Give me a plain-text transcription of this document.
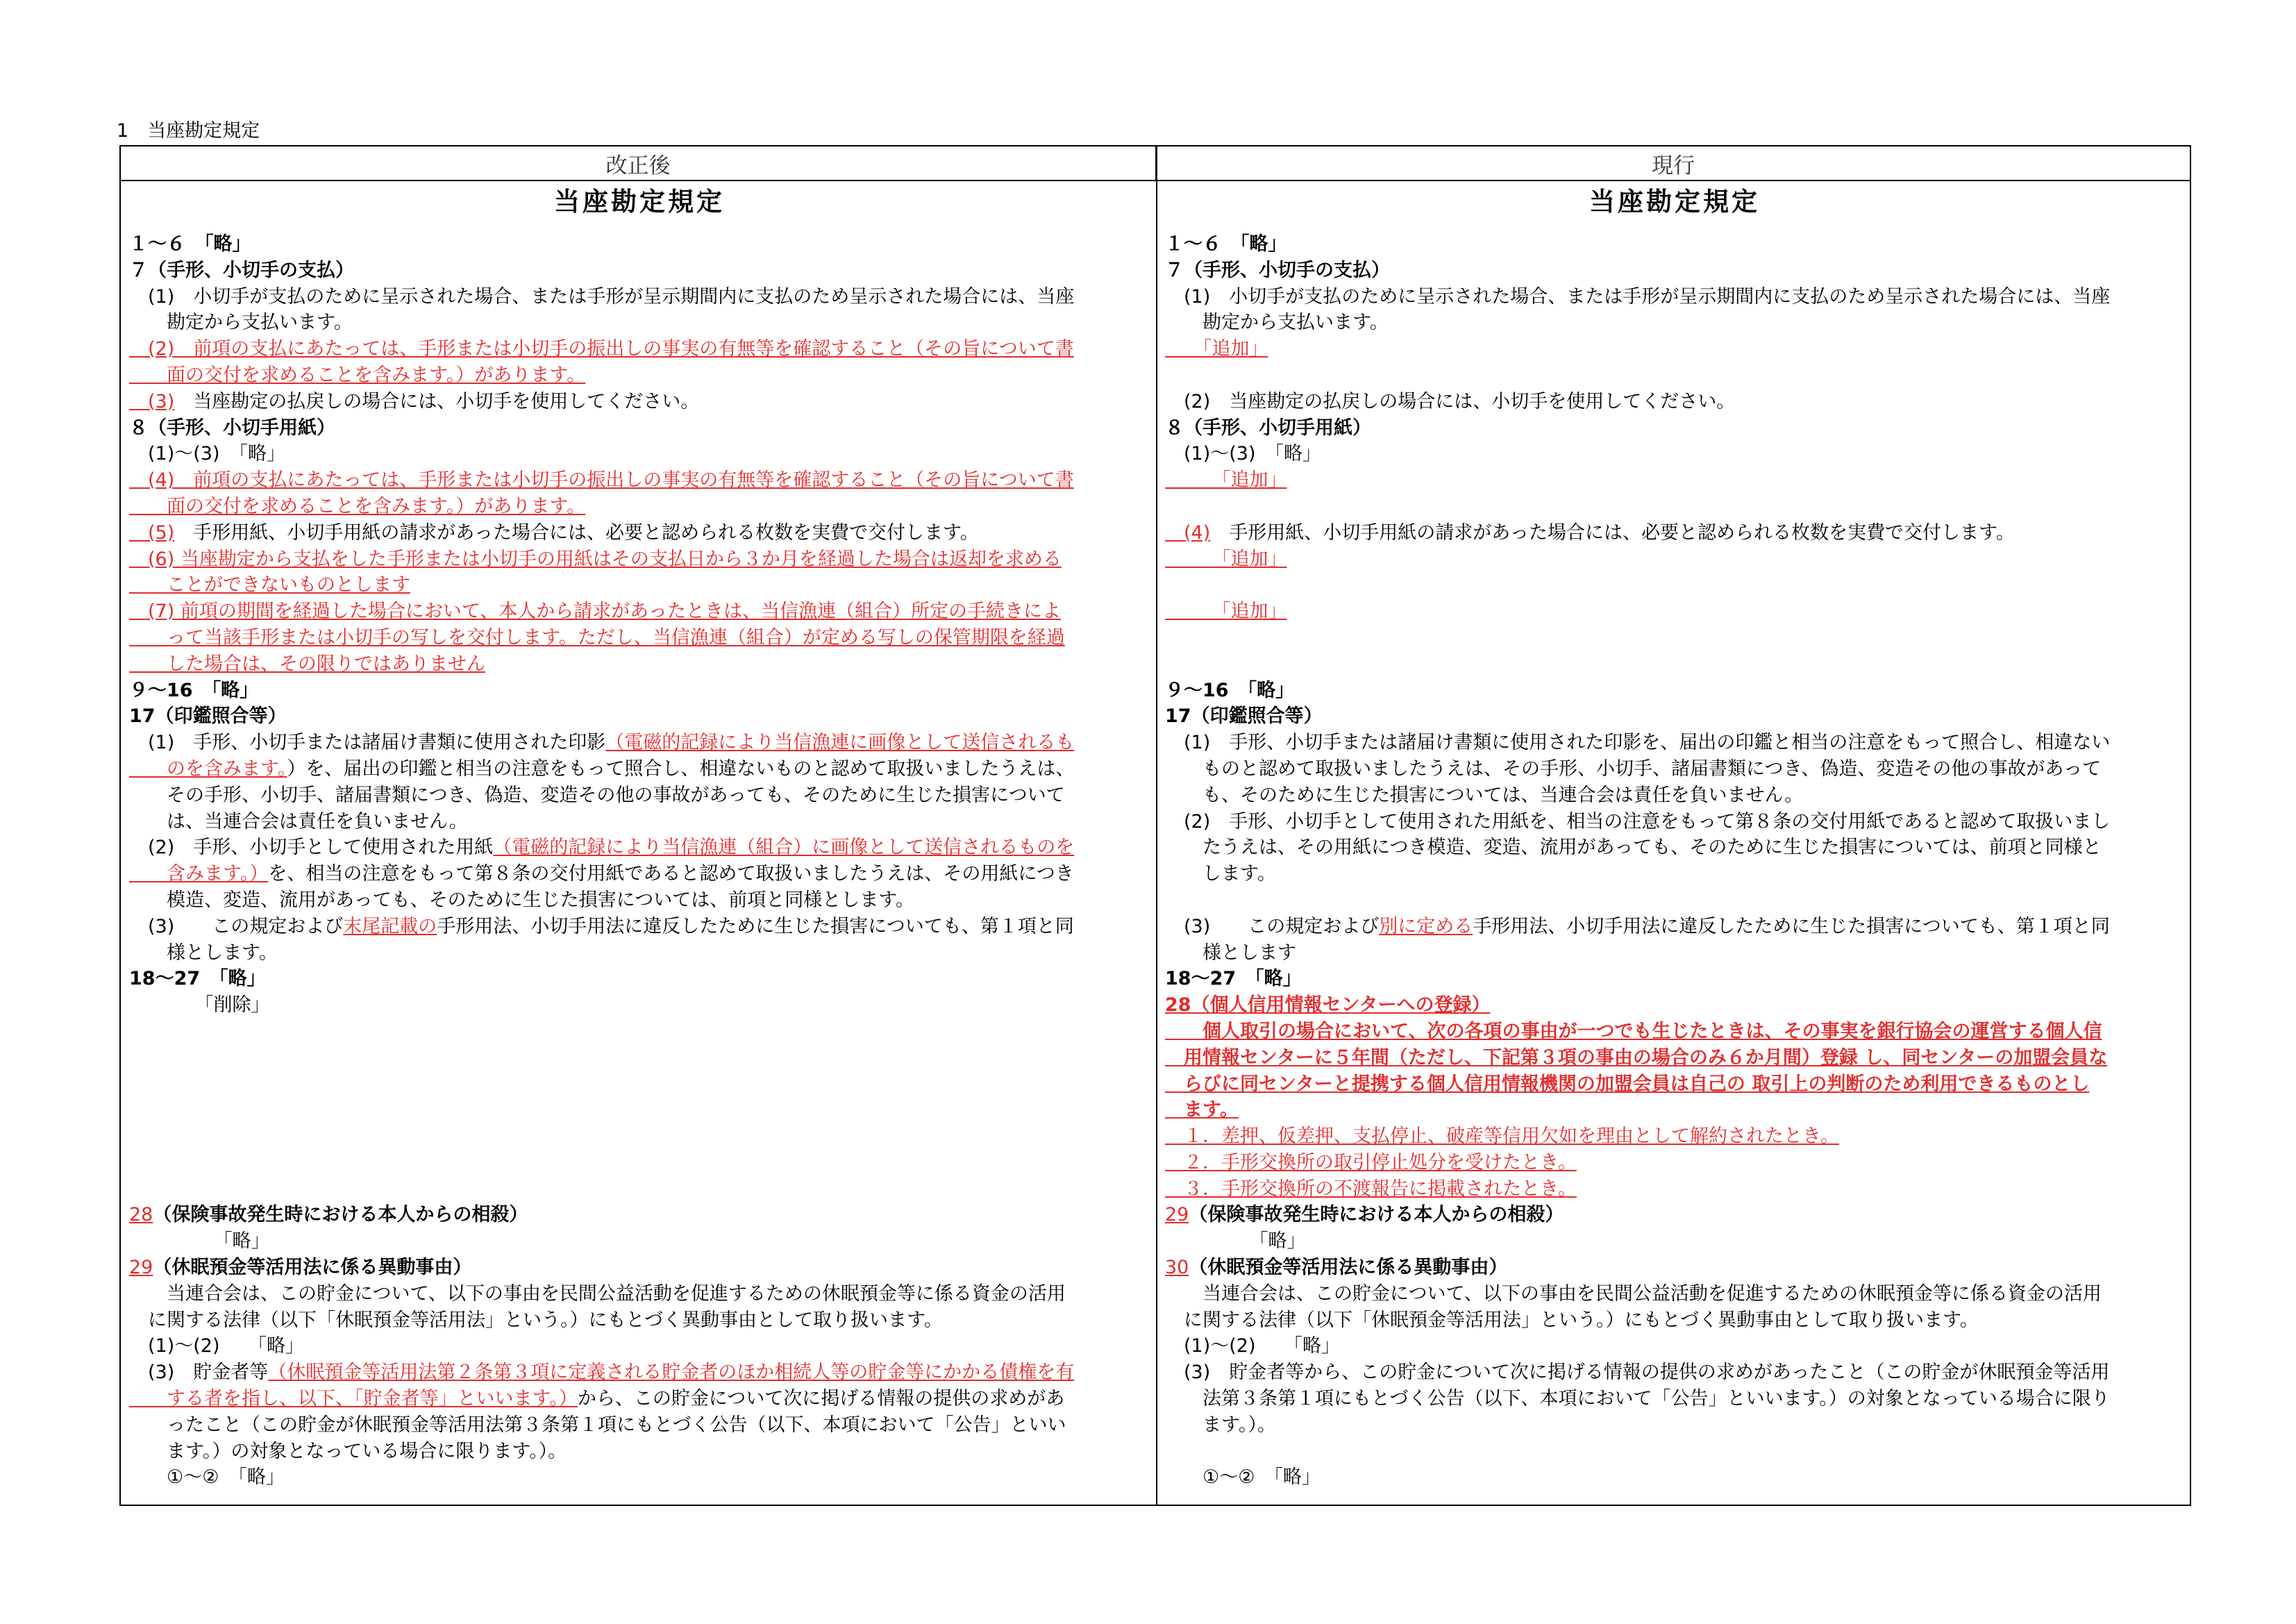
1　当座勘定規定
改正後	現行
当座勘定規定
１～６　「略」
７（手形、小切手の支払）
　(1)　小切手が支払のために呈示された場合、または手形が呈示期間内に支払のため呈示された場合には、当座
　　勘定から支払います。
　(2)　前項の支払にあたっては、手形または小切手の振出しの事実の有無等を確認すること（その旨について書
　　面の交付を求めることを含みます。）があります。
　(3)　当座勘定の払戻しの場合には、小切手を使用してください。
８（手形、小切手用紙）
　(1)～(3)　「略」
　(4)　前項の支払にあたっては、手形または小切手の振出しの事実の有無等を確認すること（その旨について書
　　面の交付を求めることを含みます。）があります。
　(5)　手形用紙、小切手用紙の請求があった場合には、必要と認められる枚数を実費で交付します。
　(6) 当座勘定から支払をした手形または小切手の用紙はその支払日から３か月を経過した場合は返却を求める
　　ことができないものとします
　(7) 前項の期間を経過した場合において、本人から請求があったときは、当信漁連（組合）所定の手続きによ
　　って当該手形または小切手の写しを交付します。ただし、当信漁連（組合）が定める写しの保管期限を経過
　　した場合は、その限りではありません
９～16　「略」
17（印鑑照合等）
　(1)　手形、小切手または諸届け書類に使用された印影（電磁的記録により当信漁連に画像として送信されるも
　　のを含みます。）を、届出の印鑑と相当の注意をもって照合し、相違ないものと認めて取扱いましたうえは、
　　その手形、小切手、諸届書類につき、偽造、変造その他の事故があっても、そのために生じた損害について
　　は、当連合会は責任を負いません。
　(2)　手形、小切手として使用された用紙（電磁的記録により当信漁連（組合）に画像として送信されるものを
　　含みます。）を、相当の注意をもって第８条の交付用紙であると認めて取扱いましたうえは、その用紙につき
　　模造、変造、流用があっても、そのために生じた損害については、前項と同様とします。
　(3)　　この規定および末尾記載の手形用法、小切手用法に違反したために生じた損害についても、第１項と同
　　様とします。
18～27　「略」
　　　　「削除」
28（保険事故発生時における本人からの相殺）
　　　　　「略」
29（休眠預金等活用法に係る異動事由）
　　当連合会は、この貯金について、以下の事由を民間公益活動を促進するための休眠預金等に係る資金の活用
　に関する法律（以下「休眠預金等活用法」という。）にもとづく異動事由として取り扱います。
　(1)～(2)　　「略」
　(3)　貯金者等（休眠預金等活用法第２条第３項に定義される貯金者のほか相続人等の貯金等にかかる債権を有
　　する者を指し、以下、「貯金者等」といいます。）から、この貯金について次に掲げる情報の提供の求めがあ
　　ったこと（この貯金が休眠預金等活用法第３条第１項にもとづく公告（以下、本項において「公告」といい
　　ます。）の対象となっている場合に限ります。）。
　　①～②　「略」
当座勘定規定
１～６　「略」
７（手形、小切手の支払）
　(1)　小切手が支払のために呈示された場合、または手形が呈示期間内に支払のため呈示された場合には、当座
　　勘定から支払います。
　　「追加」
　(2)　当座勘定の払戻しの場合には、小切手を使用してください。
８（手形、小切手用紙）
　(1)～(3)　「略」
　　　「追加」
　(4)　手形用紙、小切手用紙の請求があった場合には、必要と認められる枚数を実費で交付します。
　　　「追加」
　　　「追加」
９～16　「略」
17（印鑑照合等）
　(1)　手形、小切手または諸届け書類に使用された印影を、届出の印鑑と相当の注意をもって照合し、相違ない
　　ものと認めて取扱いましたうえは、その手形、小切手、諸届書類につき、偽造、変造その他の事故があって
　　も、そのために生じた損害については、当連合会は責任を負いません。
　(2)　手形、小切手として使用された用紙を、相当の注意をもって第８条の交付用紙であると認めて取扱いまし
　　たうえは、その用紙につき模造、変造、流用があっても、そのために生じた損害については、前項と同様と
　　します。
　(3)　　この規定および別に定める手形用法、小切手用法に違反したために生じた損害についても、第１項と同
　　様とします
18～27　「略」
28（個人信用情報センターへの登録）
　　個人取引の場合において、次の各項の事由が一つでも生じたときは、その事実を銀行協会の運営する個人信
　用情報センターに５年間（ただし、下記第３項の事由の場合のみ６か月間）登録 し、同センターの加盟会員な
　らびに同センターと提携する個人信用情報機関の加盟会員は自己の 取引上の判断のため利用できるものとし
　ます。
　１．差押、仮差押、支払停止、破産等信用欠如を理由として解約されたとき。
　２．手形交換所の取引停止処分を受けたとき。
　３．手形交換所の不渡報告に掲載されたとき。
29（保険事故発生時における本人からの相殺）
　　　　　「略」
30（休眠預金等活用法に係る異動事由）
　　当連合会は、この貯金について、以下の事由を民間公益活動を促進するための休眠預金等に係る資金の活用
　に関する法律（以下「休眠預金等活用法」という。）にもとづく異動事由として取り扱います。
　(1)～(2)　　「略」
　(3)　貯金者等から、この貯金について次に掲げる情報の提供の求めがあったこと（この貯金が休眠預金等活用
　　法第３条第１項にもとづく公告（以下、本項において「公告」といいます。）の対象となっている場合に限り
　　ます。）。
　　①～②　「略」
